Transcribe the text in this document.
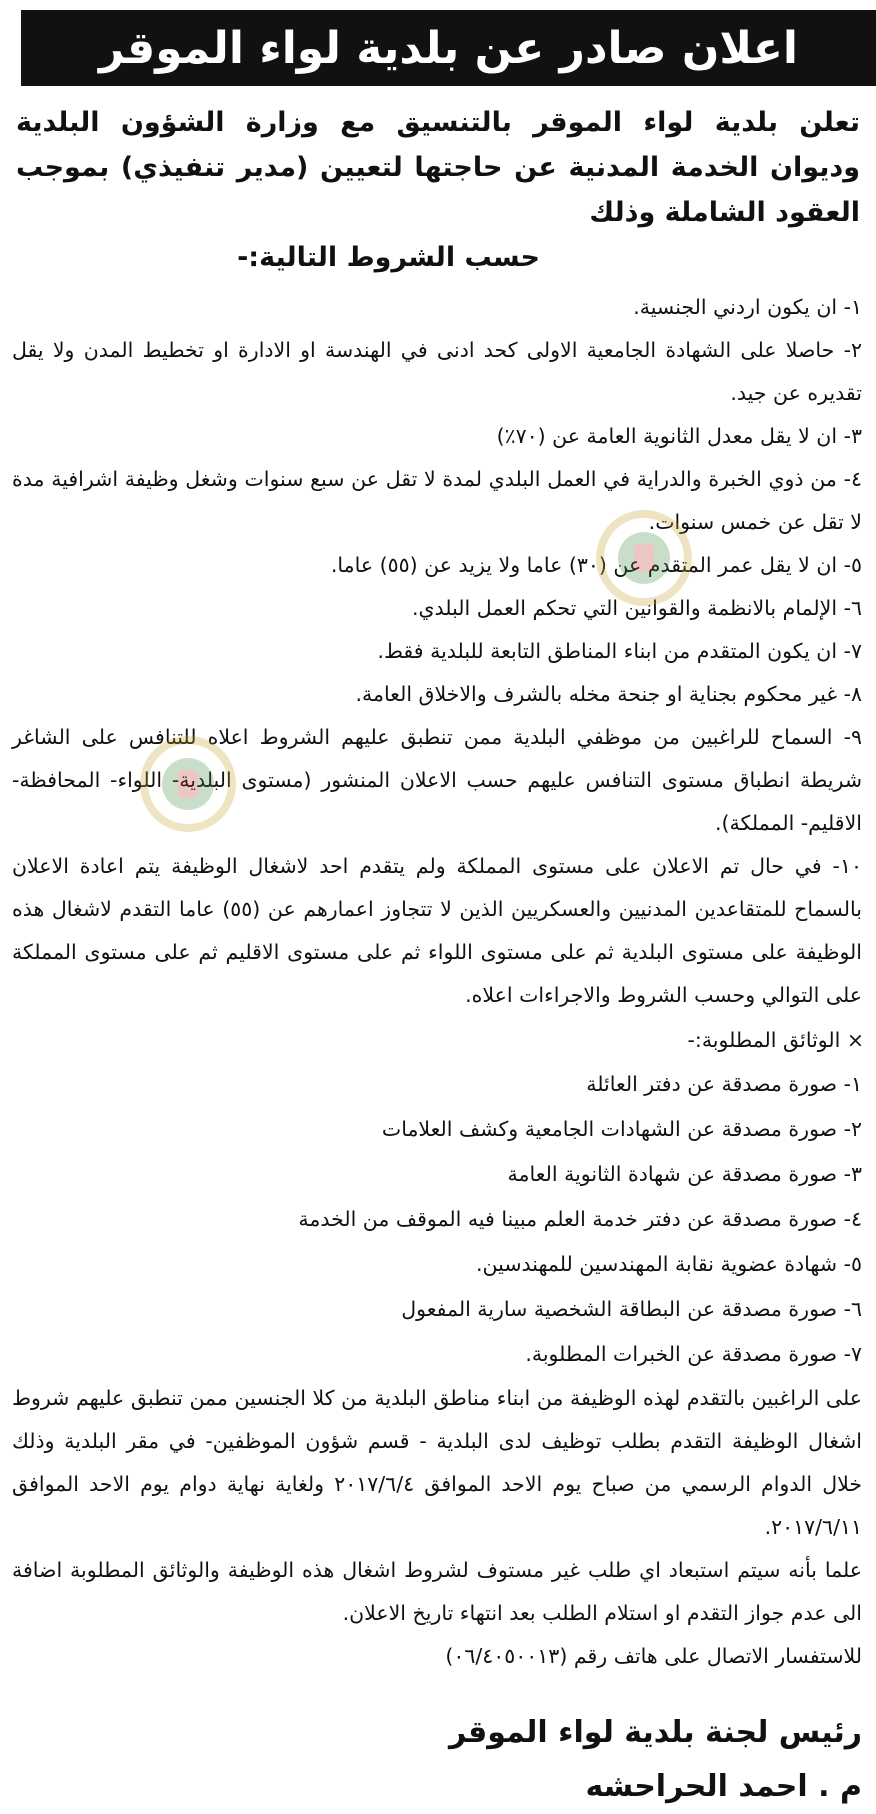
اعلان صادر عن بلدية لواء الموقر
تعلن بلدية لواء الموقر بالتنسيق مع وزارة الشؤون البلدية وديوان الخدمة المدنية عن حاجتها لتعيين (مدير تنفيذي) بموجب العقود الشاملة وذلك
حسب الشروط التالية:-
١- ان يكون اردني الجنسية.
٢- حاصلا على الشهادة الجامعية الاولى كحد ادنى في الهندسة او الادارة او تخطيط المدن ولا يقل تقديره عن جيد.
٣- ان لا يقل معدل الثانوية العامة عن (٧٠٪)
٤- من ذوي الخبرة والدراية في العمل البلدي لمدة لا تقل عن سبع سنوات وشغل وظيفة اشرافية مدة لا تقل عن خمس سنوات.
٥- ان لا يقل عمر المتقدم عن (٣٠) عاما ولا يزيد عن (٥٥) عاما.
٦- الإلمام بالانظمة والقوانين التي تحكم العمل البلدي.
٧- ان يكون المتقدم من ابناء المناطق التابعة للبلدية فقط.
٨- غير محكوم بجناية او جنحة مخله بالشرف والاخلاق العامة.
٩- السماح للراغبين من موظفي البلدية ممن تنطبق عليهم الشروط اعلاه للتنافس على الشاغر شريطة انطباق مستوى التنافس عليهم حسب الاعلان المنشور (مستوى البلدية- اللواء- المحافظة- الاقليم- المملكة).
١٠- في حال تم الاعلان على مستوى المملكة ولم يتقدم احد لاشغال الوظيفة يتم اعادة الاعلان بالسماح للمتقاعدين المدنيين والعسكريين الذين لا تتجاوز اعمارهم عن (٥٥) عاما التقدم لاشغال هذه الوظيفة على مستوى البلدية ثم على مستوى اللواء ثم على مستوى الاقليم ثم على مستوى المملكة على التوالي وحسب الشروط والاجراءات اعلاه.
× الوثائق المطلوبة:-
١- صورة مصدقة عن دفتر العائلة
٢- صورة مصدقة عن الشهادات الجامعية وكشف العلامات
٣- صورة مصدقة عن شهادة الثانوية العامة
٤- صورة مصدقة عن دفتر خدمة العلم مبينا فيه الموقف من الخدمة
٥- شهادة عضوية نقابة المهندسين للمهندسين.
٦- صورة مصدقة عن البطاقة الشخصية سارية المفعول
٧- صورة مصدقة عن الخبرات المطلوبة.

على الراغبين بالتقدم لهذه الوظيفة من ابناء مناطق البلدية من كلا الجنسين ممن تنطبق عليهم شروط اشغال الوظيفة التقدم بطلب توظيف لدى البلدية - قسم شؤون الموظفين- في مقر البلدية وذلك خلال الدوام الرسمي من صباح يوم الاحد الموافق ٢٠١٧/٦/٤ ولغاية نهاية دوام يوم الاحد الموافق ٢٠١٧/٦/١١.

علما بأنه سيتم استبعاد اي طلب غير مستوف لشروط اشغال هذه الوظيفة والوثائق المطلوبة اضافة الى عدم جواز التقدم او استلام الطلب بعد انتهاء تاريخ الاعلان.

للاستفسار الاتصال على هاتف رقم (٠٦/٤٠٥٠٠١٣)

رئيس لجنة بلدية لواء الموقر
م . احمد الحراحشه
